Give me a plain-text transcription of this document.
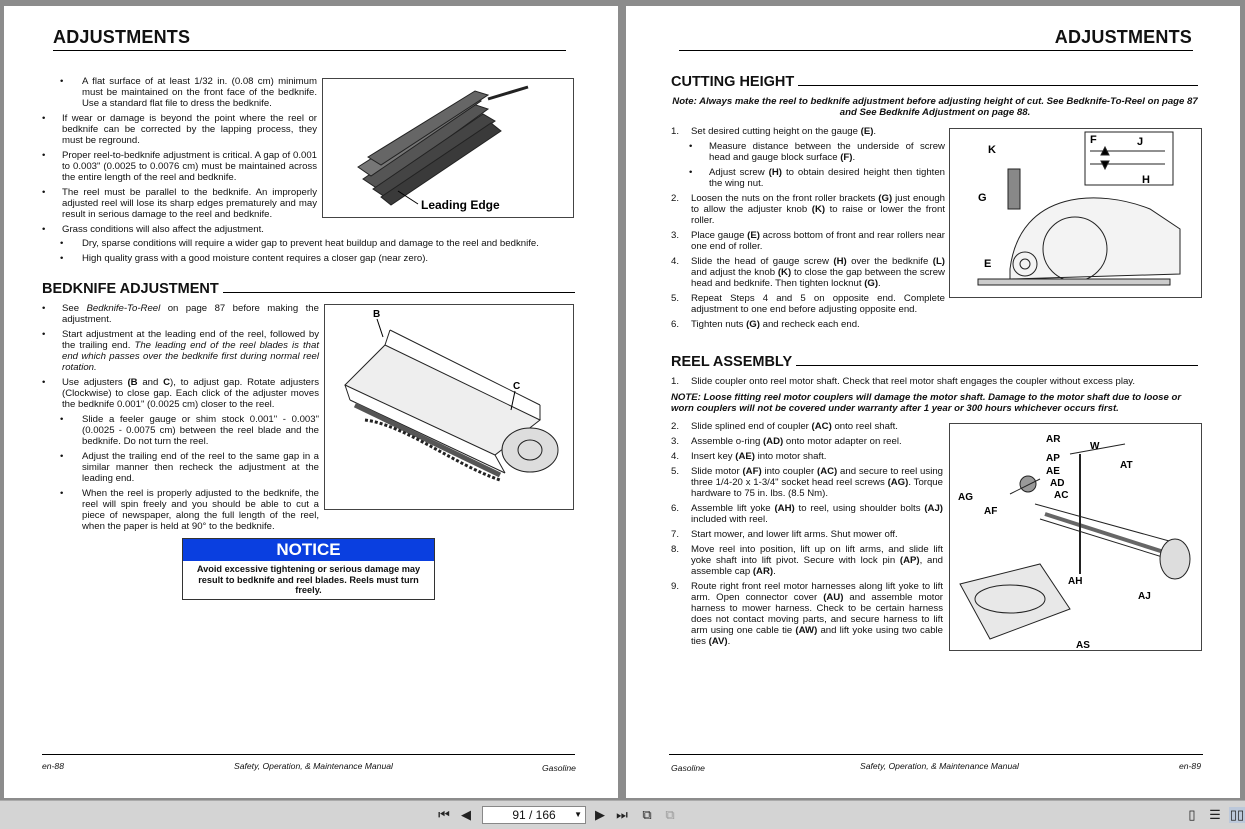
ADJUSTMENTS
• A flat surface of at least 1/32 in. (0.08 cm) minimum must be maintained on the front face of the bedknife. Use a standard flat file to dress the bedknife.
• If wear or damage is beyond the point where the reel or bedknife can be corrected by the lapping process, they must be reground.
• Proper reel-to-bedknife adjustment is critical. A gap of 0.001 to 0.003" (0.0025 to 0.0076 cm) must be maintained across the entire length of the reel and bedknife.
• The reel must be parallel to the bedknife. An improperly adjusted reel will lose its sharp edges prematurely and may result in serious damage to the reel and bedknife.
• Grass conditions will also affect the adjustment.
• Dry, sparse conditions will require a wider gap to prevent heat buildup and damage to the reel and bedknife.
• High quality grass with a good moisture content requires a closer gap (near zero).
Leading Edge
BEDKNIFE ADJUSTMENT
• See Bedknife-To-Reel on page 87 before making the adjustment.
• Start adjustment at the leading end of the reel, followed by the trailing end. The leading end of the reel blades is that end which passes over the bedknife first during normal reel rotation.
• Use adjusters (B and C), to adjust gap. Rotate adjusters (Clockwise) to close gap. Each click of the adjuster moves the bedknife 0.001" (0.0025 cm) closer to the reel.
• Slide a feeler gauge or shim stock 0.001" - 0.003" (0.0025 - 0.0075 cm) between the reel blade and the bedknife. Do not turn the reel.
• Adjust the trailing end of the reel to the same gap in a similar manner then recheck the adjustment at the leading end.
• When the reel is properly adjusted to the bedknife, the reel will spin freely and you should be able to cut a piece of newspaper, along the full length of the reel, when the paper is held at 90° to the bedknife.
B
C
NOTICE
Avoid excessive tightening or serious damage may result to bedknife and reel blades. Reels must turn freely.
en-88	Safety, Operation, & Maintenance Manual	Gasoline
ADJUSTMENTS
CUTTING HEIGHT
Note: Always make the reel to bedknife adjustment before adjusting height of cut. See Bedknife-To-Reel on page 87 and See Bedknife Adjustment on page 88.
1. Set desired cutting height on the gauge (E).
• Measure distance between the underside of screw head and gauge block surface (F).
• Adjust screw (H) to obtain desired height then tighten the wing nut.
2. Loosen the nuts on the front roller brackets (G) just enough to allow the adjuster knob (K) to raise or lower the front roller.
3. Place gauge (E) across bottom of front and rear rollers near one end of roller.
4. Slide the head of gauge screw (H) over the bedknife (L) and adjust the knob (K) to close the gap between the screw head and bedknife. Then tighten locknut (G).
5. Repeat Steps 4 and 5 on opposite end. Complete adjustment to one end before adjusting opposite end.
6. Tighten nuts (G) and recheck each end.
K
F	J
H
G
E
REEL ASSEMBLY
1. Slide coupler onto reel motor shaft. Check that reel motor shaft engages the coupler without excess play.
NOTE: Loose fitting reel motor couplers will damage the motor shaft. Damage to the motor shaft due to loose or worn couplers will not be covered under warranty after 1 year or 300 hours whichever occurs first.
2. Slide splined end of coupler (AC) onto reel shaft.
3. Assemble o-ring (AD) onto motor adapter on reel.
4. Insert key (AE) into motor shaft.
5. Slide motor (AF) into coupler (AC) and secure to reel using three 1/4-20 x 1-3/4" socket head reel screws (AG). Torque hardware to 75 in. lbs. (8.5 Nm).
6. Assemble lift yoke (AH) to reel, using shoulder bolts (AJ) included with reel.
7. Start mower, and lower lift arms. Shut mower off.
8. Move reel into position, lift up on lift arms, and slide lift yoke shaft into lift pivot. Secure with lock pin (AP), and assemble cap (AR).
9. Route right front reel motor harnesses along lift yoke to lift arm. Open connector cover (AU) and assemble motor harness to mower harness. Check to be certain harness does not contact moving parts, and secure harness to lift arm using one cable tie (AW) and lift yoke using two cable ties (AV).
AR
AP
W
AE
AT
AD
AC
AG
AF
AH
AJ
AS
Gasoline	Safety, Operation, & Maintenance Manual	en-89
⏮ ◀	91 / 166 ▼ ▶ ⏭ ⧉ ⧉	▯	☰ ▯▯
